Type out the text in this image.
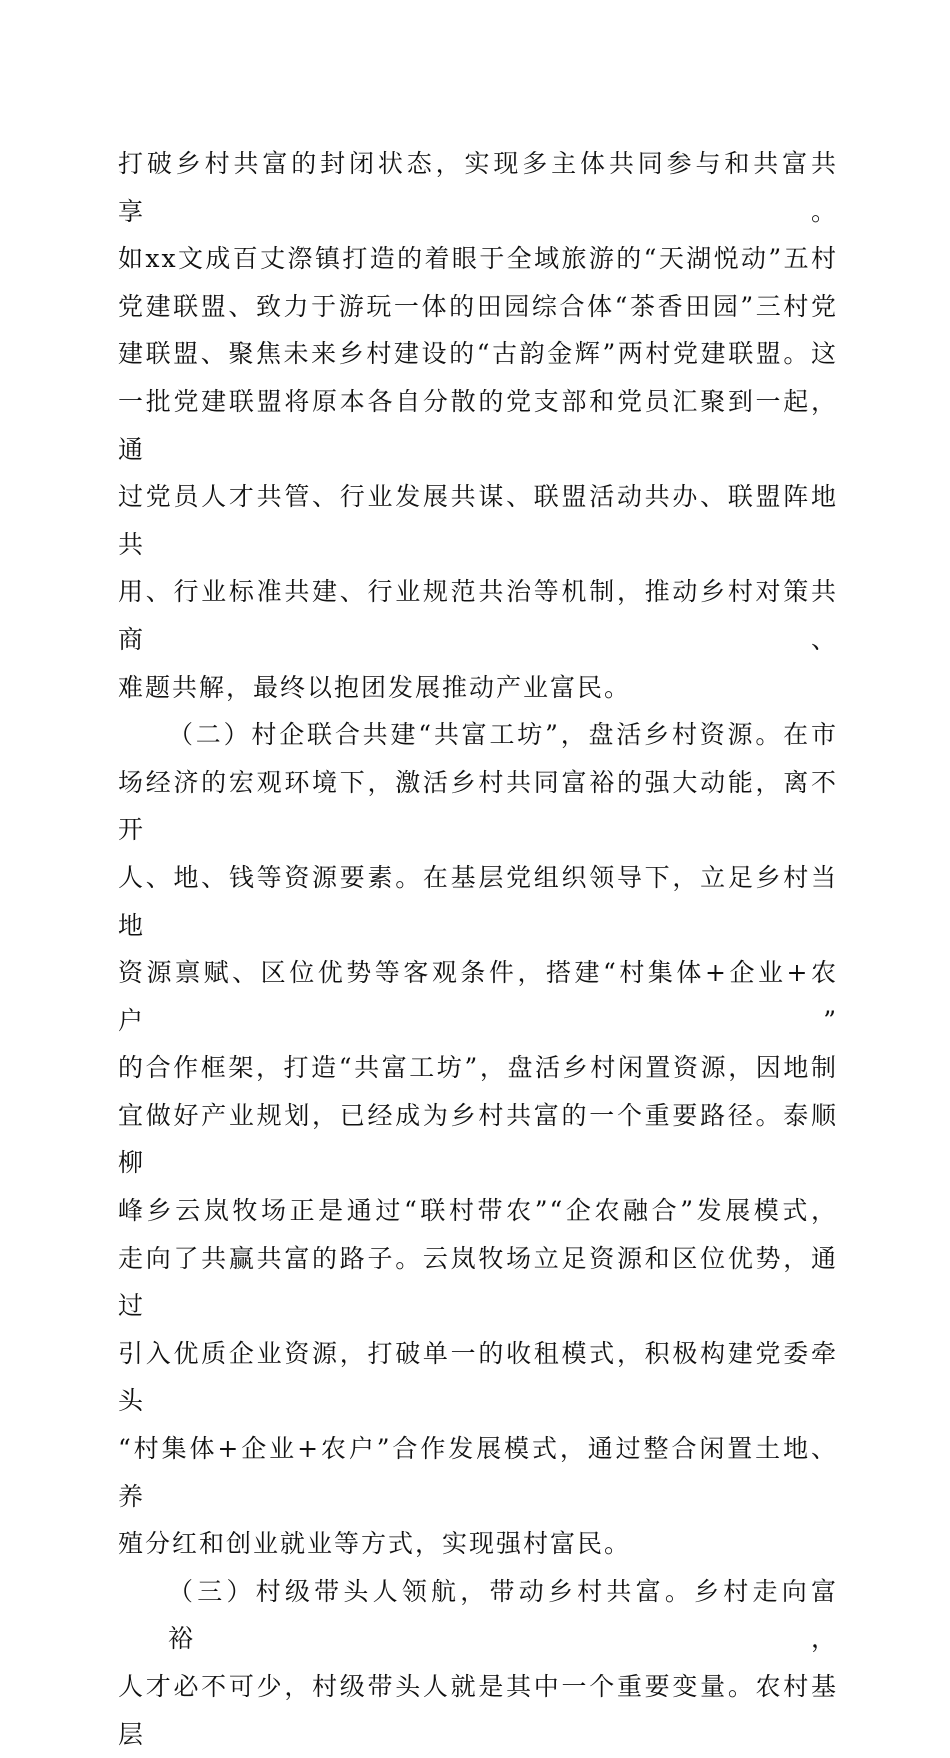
打破乡村共富的封闭状态，实现多主体共同参与和共富共享。
如xx文成百丈漈镇打造的着眼于全域旅游的“天湖悦动”五村
党建联盟、致力于游玩一体的田园综合体“茶香田园”三村党
建联盟、聚焦未来乡村建设的“古韵金辉”两村党建联盟。这
一批党建联盟将原本各自分散的党支部和党员汇聚到一起，通
过党员人才共管、行业发展共谋、联盟活动共办、联盟阵地共
用、行业标准共建、行业规范共治等机制，推动乡村对策共商、
难题共解，最终以抱团发展推动产业富民。
（二）村企联合共建“共富工坊”，盘活乡村资源。在市
场经济的宏观环境下，激活乡村共同富裕的强大动能，离不开
人、地、钱等资源要素。在基层党组织领导下，立足乡村当地
资源禀赋、区位优势等客观条件，搭建“村集体+企业+农户”
的合作框架，打造“共富工坊”，盘活乡村闲置资源，因地制
宜做好产业规划，已经成为乡村共富的一个重要路径。泰顺柳
峰乡云岚牧场正是通过“联村带农”“企农融合”发展模式，
走向了共赢共富的路子。云岚牧场立足资源和区位优势，通过
引入优质企业资源，打破单一的收租模式，积极构建党委牵头
“村集体+企业+农户”合作发展模式，通过整合闲置土地、养
殖分红和创业就业等方式，实现强村富民。
（三）村级带头人领航，带动乡村共富。乡村走向富裕，
人才必不可少，村级带头人就是其中一个重要变量。农村基层
